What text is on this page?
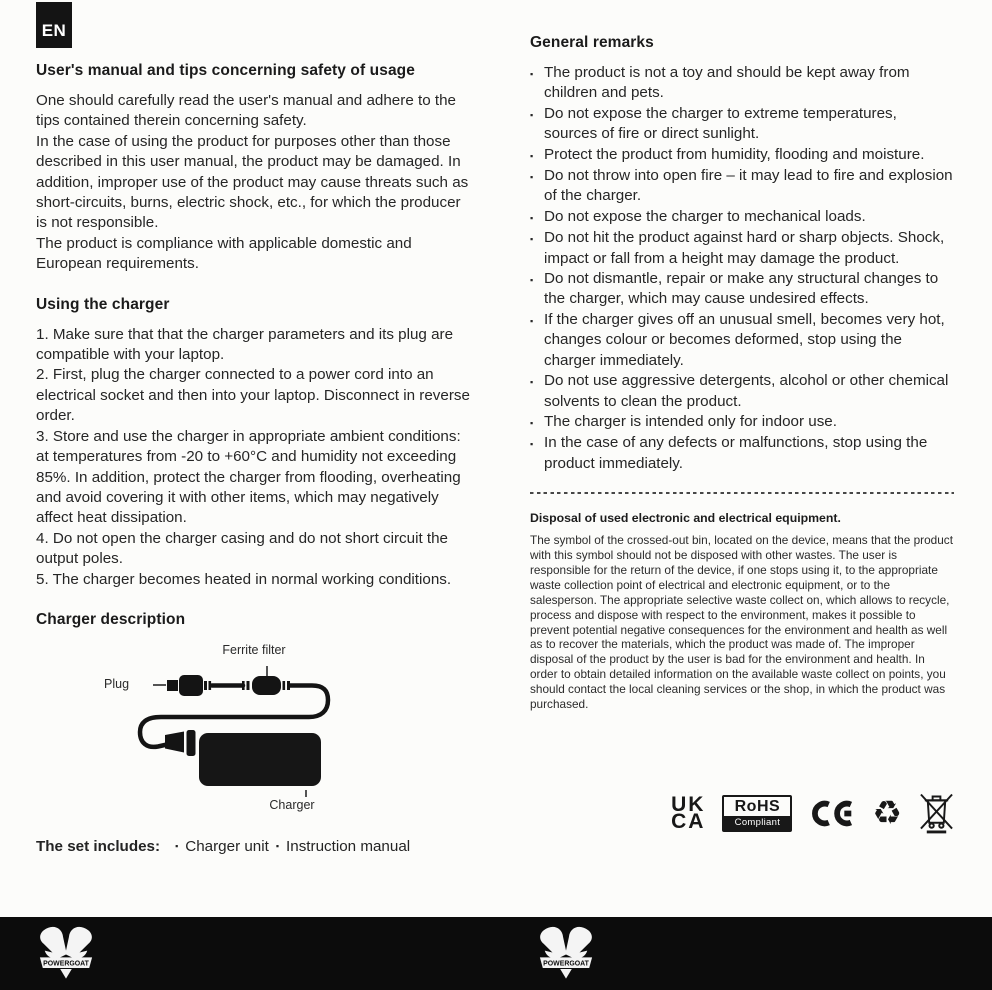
EN
User's manual and tips concerning safety of usage

One should carefully read the user's manual and adhere to the tips contained therein concerning safety.

In the case of using the product for purposes other than those described in this user manual, the product may be damaged. In addition, improper use of the product may cause threats such as short-circuits, burns, electric shock, etc., for which the producer is not responsible.

The product is compliance with applicable domestic and European requirements.

Using the charger

1. Make sure that that the charger parameters and its plug are compatible with your laptop.

2. First, plug the charger connected to a power cord into an electrical socket and then into your laptop. Disconnect in reverse order.

3. Store and use the charger in appropriate ambient conditions: at temperatures from -20 to +60°C and humidity not exceeding 85%. In addition, protect the charger from flooding, overheating and avoid covering it with other items, which may negatively affect heat dissipation.

4. Do not open the charger casing and do not short circuit the output poles.

5. The charger becomes heated in normal working conditions.

Charger description
Ferrite filter
Plug
Charger
The set includes: ▪ Charger unit ▪ Instruction manual
General remarks
▪ The product is not a toy and should be kept away from children and pets.
▪ Do not expose the charger to extreme temperatures, sources of fire or direct sunlight.
▪ Protect the product from humidity, flooding and moisture.
▪ Do not throw into open fire – it may lead to fire and explosion of the charger.
▪ Do not expose the charger to mechanical loads.
▪ Do not hit the product against hard or sharp objects. Shock, impact or fall from a height may damage the product.
▪ Do not dismantle, repair or make any structural changes to the charger, which may cause undesired effects.
▪ If the charger gives off an unusual smell, becomes very hot, changes colour or becomes deformed, stop using the charger immediately.
▪ Do not use aggressive detergents, alcohol or other chemical solvents to clean the product.
▪ The charger is intended only for indoor use.
▪ In the case of any defects or malfunctions, stop using the product immediately.
Disposal of used electronic and electrical equipment.

The symbol of the crossed-out bin, located on the device, means that the product with this symbol should not be disposed with other wastes. The user is responsible for the return of the device, if one stops using it, to the appropriate waste collection point of electrical and electronic equipment, or to the salesperson. The appropriate selective waste collect on, which allows to recycle, process and dispose with respect to the environment, makes it possible to prevent potential negative consequences for the environment and health as well as to recover the materials, which the product was made of. The improper disposal of the product by the user is bad for the environment and health. In order to obtain detailed information on the available waste collect on points, you should contact the local cleaning services or the shop, in which the product was purchased.

UK
CA
RoHS
Compliant	♻
POWERGOAT	POWERGOAT
